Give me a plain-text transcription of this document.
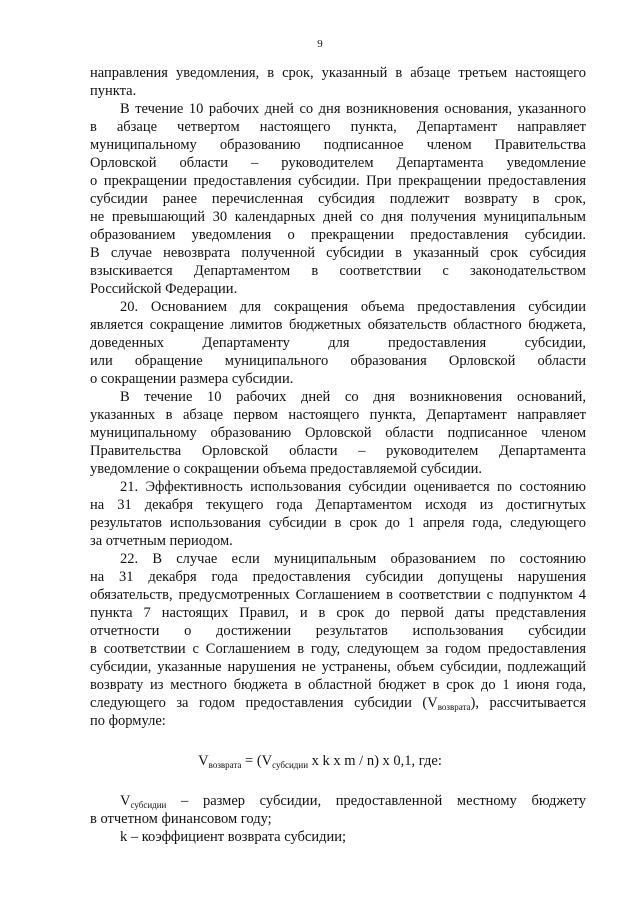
9
направления уведомления, в срок, указанный в абзаце третьем настоящего
пункта.
В течение 10 рабочих дней со дня возникновения основания, указанного
в абзаце четвертом настоящего пункта, Департамент направляет
муниципальному образованию подписанное членом Правительства
Орловской области – руководителем Департамента уведомление
о прекращении предоставления субсидии. При прекращении предоставления
субсидии ранее перечисленная субсидия подлежит возврату в срок,
не превышающий 30 календарных дней со дня получения муниципальным
образованием уведомления о прекращении предоставления субсидии.
В случае невозврата полученной субсидии в указанный срок субсидия
взыскивается Департаментом в соответствии с законодательством
Российской Федерации.
20. Основанием для сокращения объема предоставления субсидии
является сокращение лимитов бюджетных обязательств областного бюджета,
доведенных Департаменту для предоставления субсидии,
или обращение муниципального образования Орловской области
о сокращении размера субсидии.
В течение 10 рабочих дней со дня возникновения оснований,
указанных в абзаце первом настоящего пункта, Департамент направляет
муниципальному образованию Орловской области подписанное членом
Правительства Орловской области – руководителем Департамента
уведомление о сокращении объема предоставляемой субсидии.
21. Эффективность использования субсидии оценивается по состоянию
на 31 декабря текущего года Департаментом исходя из достигнутых
результатов использования субсидии в срок до 1 апреля года, следующего
за отчетным периодом.
22. В случае если муниципальным образованием по состоянию
на 31 декабря года предоставления субсидии допущены нарушения
обязательств, предусмотренных Соглашением в соответствии с подпунктом 4
пункта 7 настоящих Правил, и в срок до первой даты представления
отчетности о достижении результатов использования субсидии
в соответствии с Соглашением в году, следующем за годом предоставления
субсидии, указанные нарушения не устранены, объем субсидии, подлежащий
возврату из местного бюджета в областной бюджет в срок до 1 июня года,
следующего за годом предоставления субсидии $(V_{возврата})$, рассчитывается
по формуле:
$V_{возврата} = (V_{субсидии}$ x k x m / n) x 0,1, где:
$V_{субсидии}$ – размер субсидии, предоставленной местному бюджету
в отчетном финансовом году;
k – коэффициент возврата субсидии;
